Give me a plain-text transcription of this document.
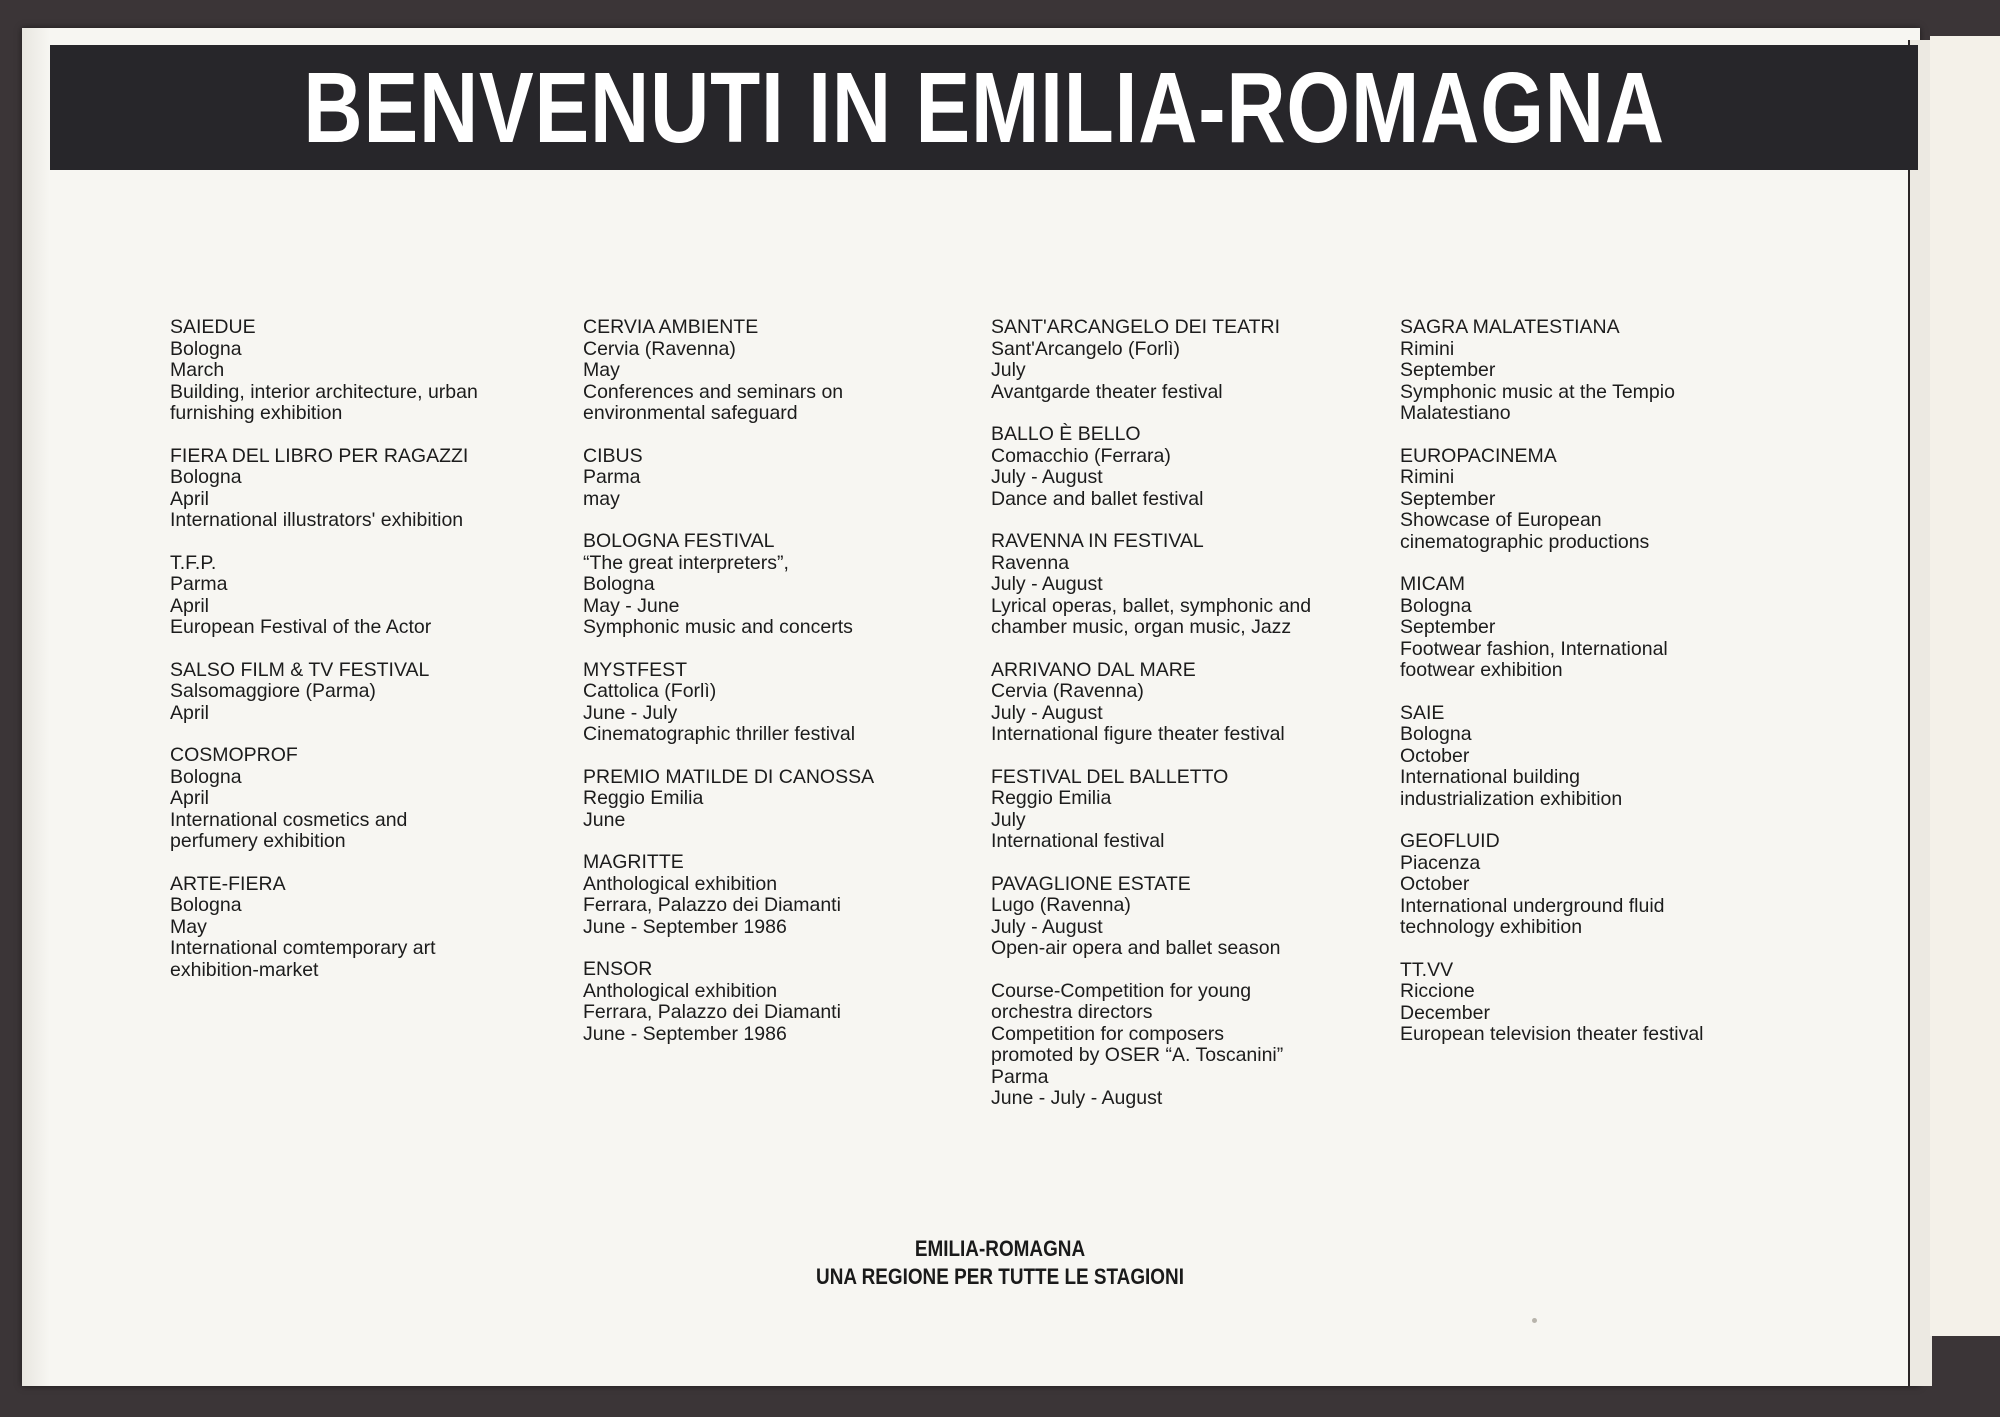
BENVENUTI IN EMILIA-ROMAGNA
SAIEDUE
Bologna
March
Building, interior architecture, urban
furnishing exhibition
FIERA DEL LIBRO PER RAGAZZI
Bologna
April
International illustrators' exhibition
T.F.P.
Parma
April
European Festival of the Actor
SALSO FILM & TV FESTIVAL
Salsomaggiore (Parma)
April
COSMOPROF
Bologna
April
International cosmetics and
perfumery exhibition
ARTE-FIERA
Bologna
May
International comtemporary art
exhibition-market
CERVIA AMBIENTE
Cervia (Ravenna)
May
Conferences and seminars on
environmental safeguard
CIBUS
Parma
may
BOLOGNA FESTIVAL
“The great interpreters”,
Bologna
May - June
Symphonic music and concerts
MYSTFEST
Cattolica (Forlì)
June - July
Cinematographic thriller festival
PREMIO MATILDE DI CANOSSA
Reggio Emilia
June
MAGRITTE
Anthological exhibition
Ferrara, Palazzo dei Diamanti
June - September 1986
ENSOR
Anthological exhibition
Ferrara, Palazzo dei Diamanti
June - September 1986
SANT'ARCANGELO DEI TEATRI
Sant'Arcangelo (Forlì)
July
Avantgarde theater festival
BALLO È BELLO
Comacchio (Ferrara)
July - August
Dance and ballet festival
RAVENNA IN FESTIVAL
Ravenna
July - August
Lyrical operas, ballet, symphonic and
chamber music, organ music, Jazz
ARRIVANO DAL MARE
Cervia (Ravenna)
July - August
International figure theater festival
FESTIVAL DEL BALLETTO
Reggio Emilia
July
International festival
PAVAGLIONE ESTATE
Lugo (Ravenna)
July - August
Open-air opera and ballet season
Course-Competition for young
orchestra directors
Competition for composers
promoted by OSER “A. Toscanini”
Parma
June - July - August
SAGRA MALATESTIANA
Rimini
September
Symphonic music at the Tempio
Malatestiano
EUROPACINEMA
Rimini
September
Showcase of European
cinematographic productions
MICAM
Bologna
September
Footwear fashion, International
footwear exhibition
SAIE
Bologna
October
International building
industrialization exhibition
GEOFLUID
Piacenza
October
International underground fluid
technology exhibition
TT.VV
Riccione
December
European television theater festival
EMILIA-ROMAGNA
UNA REGIONE PER TUTTE LE STAGIONI
